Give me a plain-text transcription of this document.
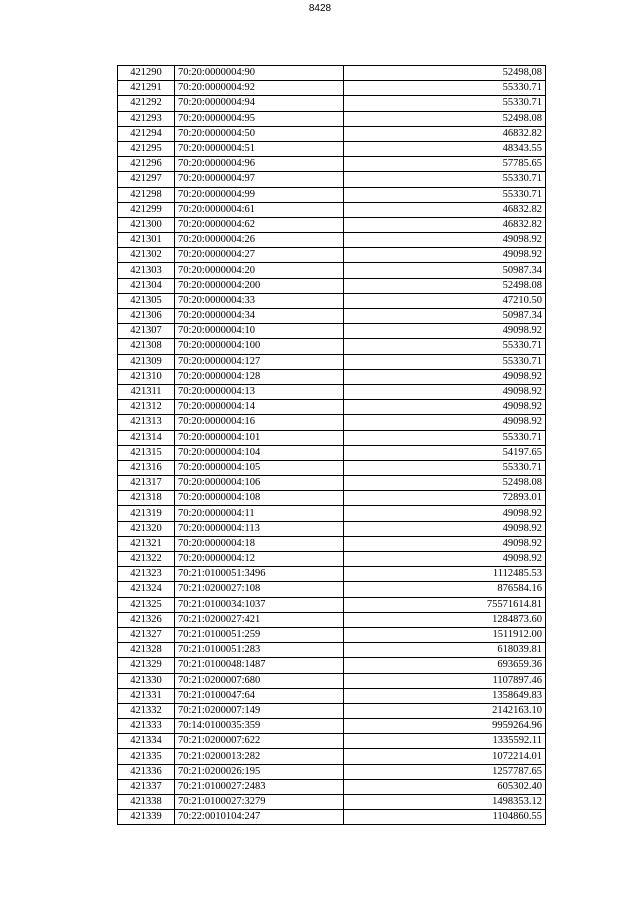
8428
421290	70:20:0000004:90	52498,08
421291	70:20:0000004:92	55330.71
421292	70:20:0000004:94	55330.71
421293	70:20:0000004:95	52498.08
421294	70:20:0000004:50	46832.82
421295	70:20:0000004:51	48343.55
421296	70:20:0000004:96	57785.65
421297	70:20:0000004:97	55330.71
421298	70:20:0000004:99	55330.71
421299	70:20:0000004:61	46832.82
421300	70:20:0000004:62	46832.82
421301	70:20:0000004:26	49098.92
421302	70:20:0000004:27	49098.92
421303	70:20:0000004:20	50987.34
421304	70:20:0000004:200	52498.08
421305	70:20:0000004:33	47210.50
421306	70:20:0000004:34	50987.34
421307	70:20:0000004:10	49098.92
421308	70:20:0000004:100	55330.71
421309	70:20:0000004:127	55330.71
421310	70:20:0000004:128	49098.92
421311	70:20:0000004:13	49098.92
421312	70:20:0000004:14	49098.92
421313	70:20:0000004:16	49098.92
421314	70:20:0000004:101	55330.71
421315	70:20:0000004:104	54197.65
421316	70:20:0000004:105	55330.71
421317	70:20:0000004:106	52498.08
421318	70:20:0000004:108	72893.01
421319	70:20:0000004:11	49098.92
421320	70:20:0000004:113	49098.92
421321	70:20:0000004:18	49098.92
421322	70:20:0000004:12	49098.92
421323	70:21:0100051:3496	1112485.53
421324	70:21:0200027:108	876584.16
421325	70:21:0100034:1037	75571614.81
421326	70:21:0200027:421	1284873.60
421327	70:21:0100051:259	1511912.00
421328	70:21:0100051:283	618039.81
421329	70:21:0100048:1487	693659.36
421330	70:21:0200007:680	1107897.46
421331	70:21:0100047:64	1358649.83
421332	70:21:0200007:149	2142163.10
421333	70:14:0100035:359	9959264.96
421334	70:21:0200007:622	1335592.11
421335	70:21:0200013:282	1072214.01
421336	70:21:0200026:195	1257787.65
421337	70:21:0100027:2483	605302.40
421338	70:21:0100027:3279	1498353.12
421339	70:22:0010104:247	1104860.55
